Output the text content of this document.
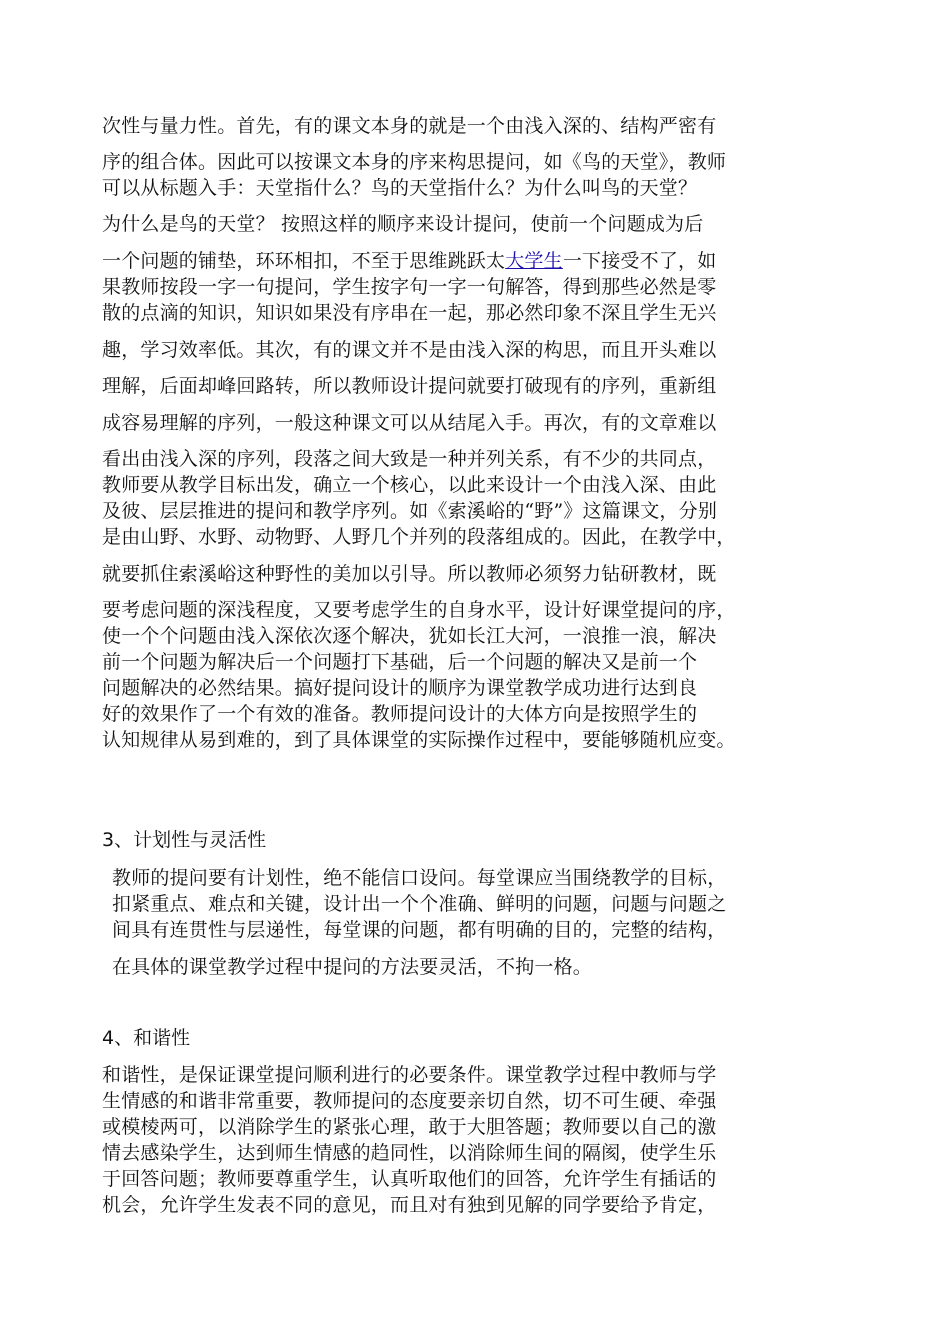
次性与量力性。首先，有的课文本身的就是一个由浅入深的、结构严密有
序的组合体。因此可以按课文本身的序来构思提问，如《鸟的天堂》，教师
可以从标题入手：天堂指什么？鸟的天堂指什么？为什么叫鸟的天堂？
为什么是鸟的天堂？ 按照这样的顺序来设计提问，使前一个问题成为后
一个问题的铺垫，环环相扣，不至于思维跳跃太大学生一下接受不了，如
果教师按段一字一句提问，学生按字句一字一句解答，得到那些必然是零
散的点滴的知识，知识如果没有序串在一起，那必然印象不深且学生无兴
趣，学习效率低。其次，有的课文并不是由浅入深的构思，而且开头难以
理解，后面却峰回路转，所以教师设计提问就要打破现有的序列，重新组
成容易理解的序列，一般这种课文可以从结尾入手。再次，有的文章难以
看出由浅入深的序列，段落之间大致是一种并列关系，有不少的共同点，
教师要从教学目标出发，确立一个核心，以此来设计一个由浅入深、由此
及彼、层层推进的提问和教学序列。如《索溪峪的“野”》这篇课文，分别
是由山野、水野、动物野、人野几个并列的段落组成的。因此，在教学中，
就要抓住索溪峪这种野性的美加以引导。所以教师必须努力钻研教材，既
要考虑问题的深浅程度，又要考虑学生的自身水平，设计好课堂提问的序，
使一个个问题由浅入深依次逐个解决，犹如长江大河，一浪推一浪，解决
前一个问题为解决后一个问题打下基础，后一个问题的解决又是前一个
问题解决的必然结果。搞好提问设计的顺序为课堂教学成功进行达到良
好的效果作了一个有效的准备。教师提问设计的大体方向是按照学生的
认知规律从易到难的，到了具体课堂的实际操作过程中，要能够随机应变。
3、计划性与灵活性
教师的提问要有计划性，绝不能信口设问。每堂课应当围绕教学的目标，
扣紧重点、难点和关键，设计出一个个准确、鲜明的问题，问题与问题之
间具有连贯性与层递性，每堂课的问题，都有明确的目的，完整的结构，
在具体的课堂教学过程中提问的方法要灵活，不拘一格。
4、和谐性
和谐性，是保证课堂提问顺利进行的必要条件。课堂教学过程中教师与学
生情感的和谐非常重要，教师提问的态度要亲切自然，切不可生硬、牵强
或模棱两可，以消除学生的紧张心理，敢于大胆答题；教师要以自己的激
情去感染学生，达到师生情感的趋同性，以消除师生间的隔阂，使学生乐
于回答问题；教师要尊重学生，认真听取他们的回答，允许学生有插话的
机会，允许学生发表不同的意见，而且对有独到见解的同学要给予肯定，
